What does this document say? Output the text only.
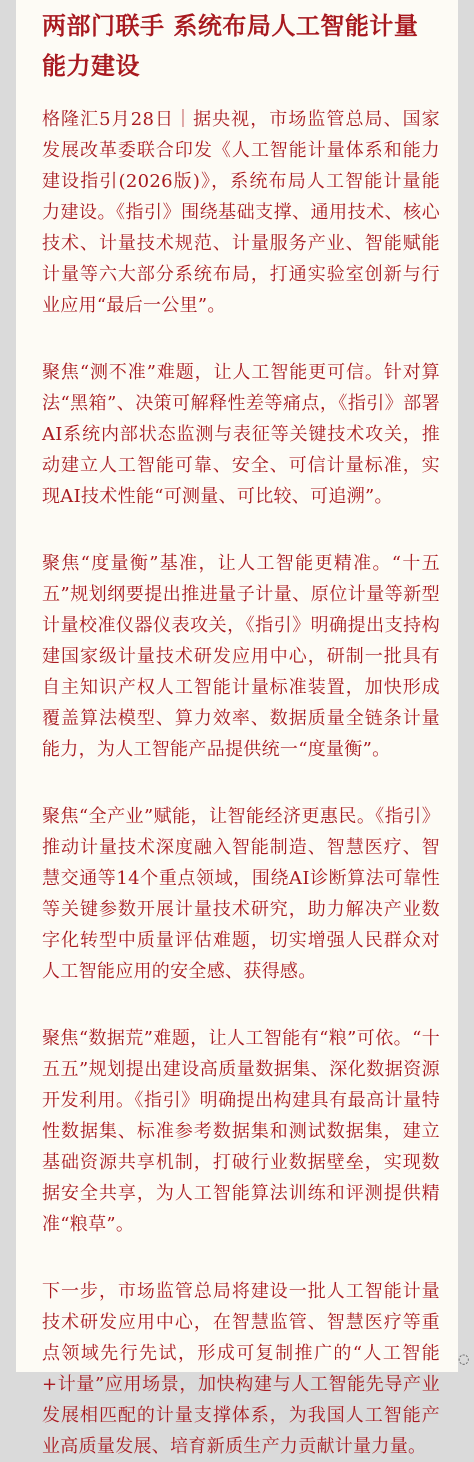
两部门联手 系统布局人工智能计量能力建设

格隆汇5月28日｜据央视，市场监管总局、国家发展改革委联合印发《人工智能计量体系和能力建设指引(2026版)》，系统布局人工智能计量能力建设。《指引》围绕基础支撑、通用技术、核心技术、计量技术规范、计量服务产业、智能赋能计量等六大部分系统布局，打通实验室创新与行业应用“最后一公里”。

聚焦“测不准”难题，让人工智能更可信。针对算法“黑箱”、决策可解释性差等痛点，《指引》部署AI系统内部状态监测与表征等关键技术攻关，推动建立人工智能可靠、安全、可信计量标准，实现AI技术性能“可测量、可比较、可追溯”。

聚焦“度量衡”基准，让人工智能更精准。“十五五”规划纲要提出推进量子计量、原位计量等新型计量校准仪器仪表攻关，《指引》明确提出支持构建国家级计量技术研发应用中心，研制一批具有自主知识产权人工智能计量标准装置，加快形成覆盖算法模型、算力效率、数据质量全链条计量能力，为人工智能产品提供统一“度量衡”。

聚焦“全产业”赋能，让智能经济更惠民。《指引》推动计量技术深度融入智能制造、智慧医疗、智慧交通等14个重点领域，围绕AI诊断算法可靠性等关键参数开展计量技术研究，助力解决产业数字化转型中质量评估难题，切实增强人民群众对人工智能应用的安全感、获得感。

聚焦“数据荒”难题，让人工智能有“粮”可依。“十五五”规划提出建设高质量数据集、深化数据资源开发利用。《指引》明确提出构建具有最高计量特性数据集、标准参考数据集和测试数据集，建立基础资源共享机制，打破行业数据壁垒，实现数据安全共享，为人工智能算法训练和评测提供精准“粮草”。

下一步，市场监管总局将建设一批人工智能计量技术研发应用中心，在智慧监管、智慧医疗等重点领域先行先试，形成可复制推广的“人工智能+计量”应用场景，加快构建与人工智能先导产业发展相匹配的计量支撑体系，为我国人工智能产业高质量发展、培育新质生产力贡献计量力量。	◌
